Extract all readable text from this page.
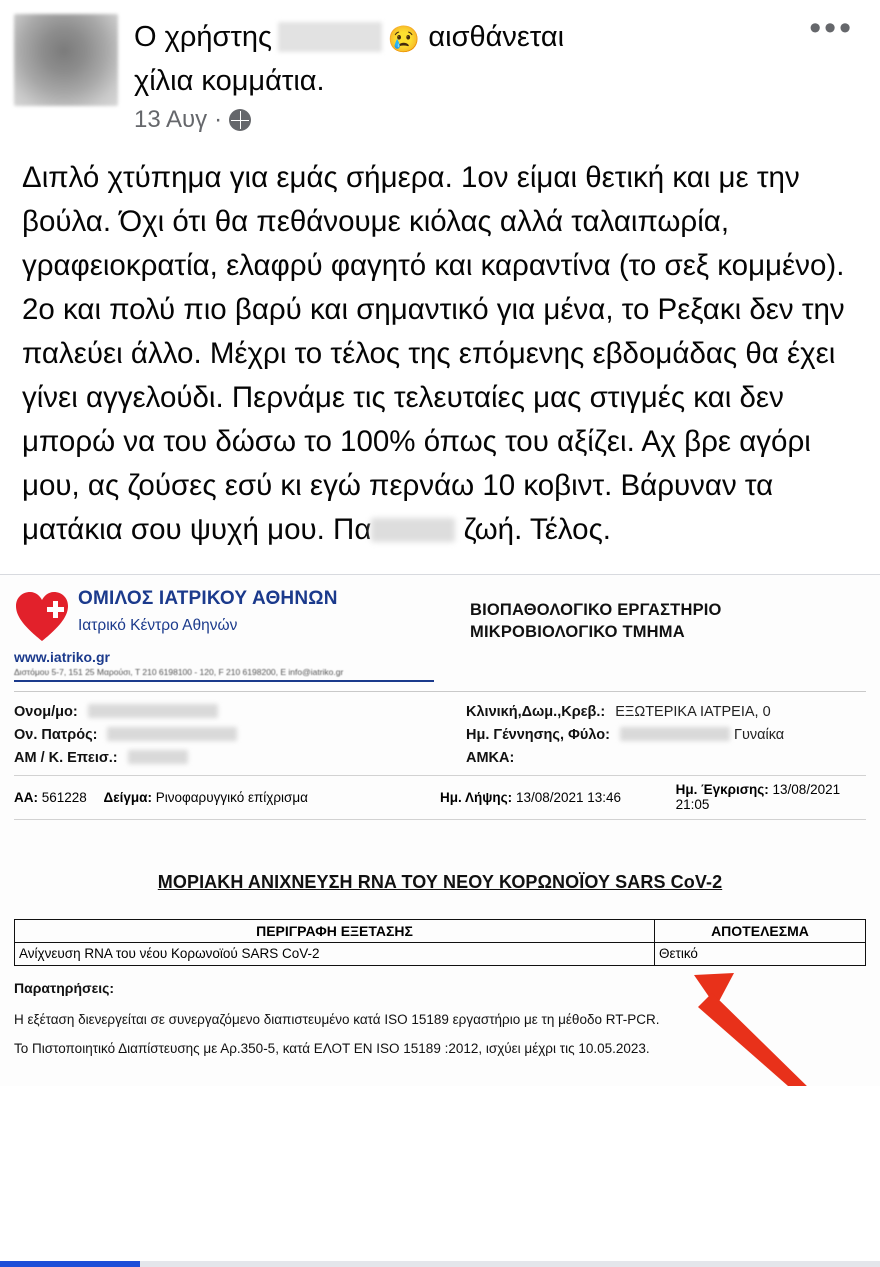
Ο χρήστης	😢 αισθάνεται
χίλια κομμάτια.
13 Αυγ ·
•••

Διπλό χτύπημα για εμάς σήμερα. 1ον είμαι θετική και με την βούλα. Όχι ότι θα πεθάνουμε κιόλας αλλά ταλαιπωρία, γραφειοκρατία, ελαφρύ φαγητό και καραντίνα (το σεξ κομμένο).

2ο και πολύ πιο βαρύ και σημαντικό για μένα, το Ρεξακι δεν την παλεύει άλλο. Μέχρι το τέλος της επόμενης εβδομάδας θα έχει γίνει αγγελούδι. Περνάμε τις τελευταίες μας στιγμές και δεν μπορώ να του δώσω το 100% όπως του αξίζει. Αχ βρε αγόρι μου, ας ζούσες εσύ κι εγώ περνάω 10 κοβιντ. Βάρυναν τα ματάκια σου ψυχή μου. Πα	ζωή. Τέλος.

ΟΜΙΛΟΣ ΙΑΤΡΙΚΟΥ ΑΘΗΝΩΝ
Ιατρικό Κέντρο Αθηνών
ΒΙΟΠΑΘΟΛΟΓΙΚΟ ΕΡΓΑΣΤΗΡΙΟ
ΜΙΚΡΟΒΙΟΛΟΓΙΚΟ ΤΜΗΜΑ
www.iatriko.gr
Διστόμου 5-7, 151 25 Μαρούσι, T 210 6198100 - 120, F 210 6198200, E info@iatriko.gr
Ονομ/μο:
Ον. Πατρός:
ΑΜ / Κ. Επεισ.:
Κλινική,Δωμ.,Κρεβ.: ΕΞΩΤΕΡΙΚΑ ΙΑΤΡΕΙΑ, 0
Ημ. Γέννησης, Φύλο:	Γυναίκα
ΑΜΚΑ:
ΑΑ: 561228	Δείγμα: Ρινοφαρυγγικό επίχρισμα	Ημ. Λήψης: 13/08/2021 13:46	Ημ. Έγκρισης: 13/08/2021 21:05
ΜΟΡΙΑΚΗ ΑΝΙΧΝΕΥΣΗ RNA ΤΟΥ ΝΕΟΥ ΚΟΡΩΝΟΪΟΥ SARS CoV-2
ΠΕΡΙΓΡΑΦΗ ΕΞΕΤΑΣΗΣ	ΑΠΟΤΕΛΕΣΜΑ
Ανίχνευση RNA του νέου Κορωνοϊού SARS CoV-2	Θετικό
Παρατηρήσεις:
Η εξέταση διενεργείται σε συνεργαζόμενο διαπιστευμένο κατά ISO 15189 εργαστήριο με τη μέθοδο RT-PCR.
Το Πιστοποιητικό Διαπίστευσης με Αρ.350-5, κατά ΕΛΟΤ ΕΝ ISO 15189 :2012, ισχύει μέχρι τις 10.05.2023.
